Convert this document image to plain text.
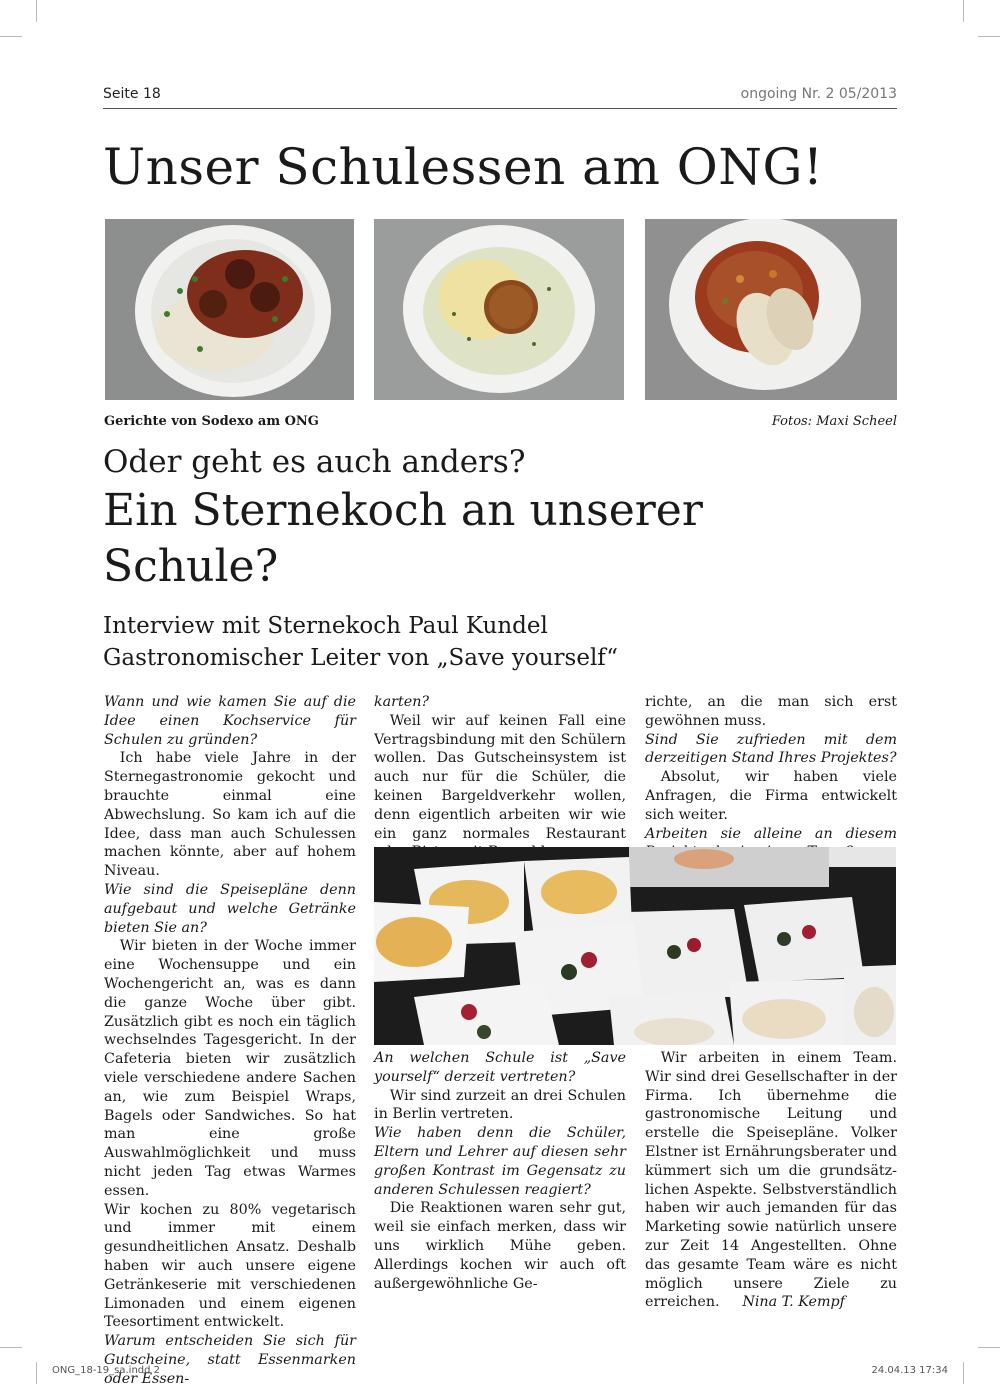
Seite 18	ongoing Nr. 2 05/2013
Unser Schulessen am ONG!
Gerichte von Sodexo am ONG	Fotos: Maxi Scheel
Oder geht es auch anders?
Ein Sternekoch an unserer Schule?
Interview mit Sternekoch Paul Kundel
Gastronomischer Leiter von „Save yourself“

Wann und wie kamen Sie auf die Idee einen Kochservice für Schulen zu gründen?

Ich habe viele Jahre in der Sternegastronomie gekocht und brauchte einmal eine Abwechslung. So kam ich auf die Idee, dass man auch Schulessen machen könnte, aber auf hohem Niveau.

Wie sind die Speisepläne denn aufgebaut und welche Getränke bieten Sie an?

Wir bieten in der Woche immer eine Wochensuppe und ein Wochengericht an, was es dann die ganze Woche über gibt. Zusätzlich gibt es noch ein täglich wechselndes Tagesgericht. In der Cafeteria bieten wir zusätzlich viele verschiedene andere Sachen an, wie zum Beispiel Wraps, Bagels oder Sandwiches. So hat man eine große Auswahlmöglichkeit und muss nicht jeden Tag etwas Warmes essen.

Wir kochen zu 80% vegetarisch und immer mit einem gesundheitlichen Ansatz. Deshalb haben wir auch unsere eigene Getränkeserie mit verschiedenen Limonaden und einem eigenen Teesortiment entwickelt.

Warum entscheiden Sie sich für Gutscheine, statt Essenmarken oder Essen-

karten?

Weil wir auf keinen Fall eine Vertragsbindung mit den Schülern wollen. Das Gutscheinsystem ist auch nur für die Schüler, die keinen Bargeldverkehr wollen, denn eigentlich arbeiten wir wie ein ganz normales Restaurant

richte, an die man sich erst gewöhnen muss.

Sind Sie zufrieden mit dem derzeitigen Stand Ihres Projektes?

Absolut, wir haben viele Anfragen, die Firma entwickelt sich weiter.

Arbeiten sie alleine an diesem

An welchen Schule ist „Save yourself“ derzeit vertreten?

Wir sind zurzeit an drei Schulen in Berlin vertreten.

Wie haben denn die Schüler, Eltern und Lehrer auf diesen sehr großen Kontrast im Gegensatz zu anderen Schulessen reagiert?

Die Reaktionen waren sehr gut, weil sie einfach merken, dass wir uns wirklich Mühe geben. Allerdings kochen wir auch oft außergewöhnliche Ge-

Wir arbeiten in einem Team. Wir sind drei Gesellschafter in der Firma. Ich übernehme die gastronomische Leitung und erstelle die Speisepläne. Volker Elstner ist Ernährungsberater und kümmert sich um die grundsätzlichen Aspekte. Selbstverständlich haben wir auch jemanden für das Marketing sowie natürlich unsere zur Zeit 14 Angestellten. Ohne das gesamte Team wäre es nicht möglich unsere Ziele zu erreichen. Nina T. Kempf

ONG_18-19_sa.indd 2	24.04.13 17:34
